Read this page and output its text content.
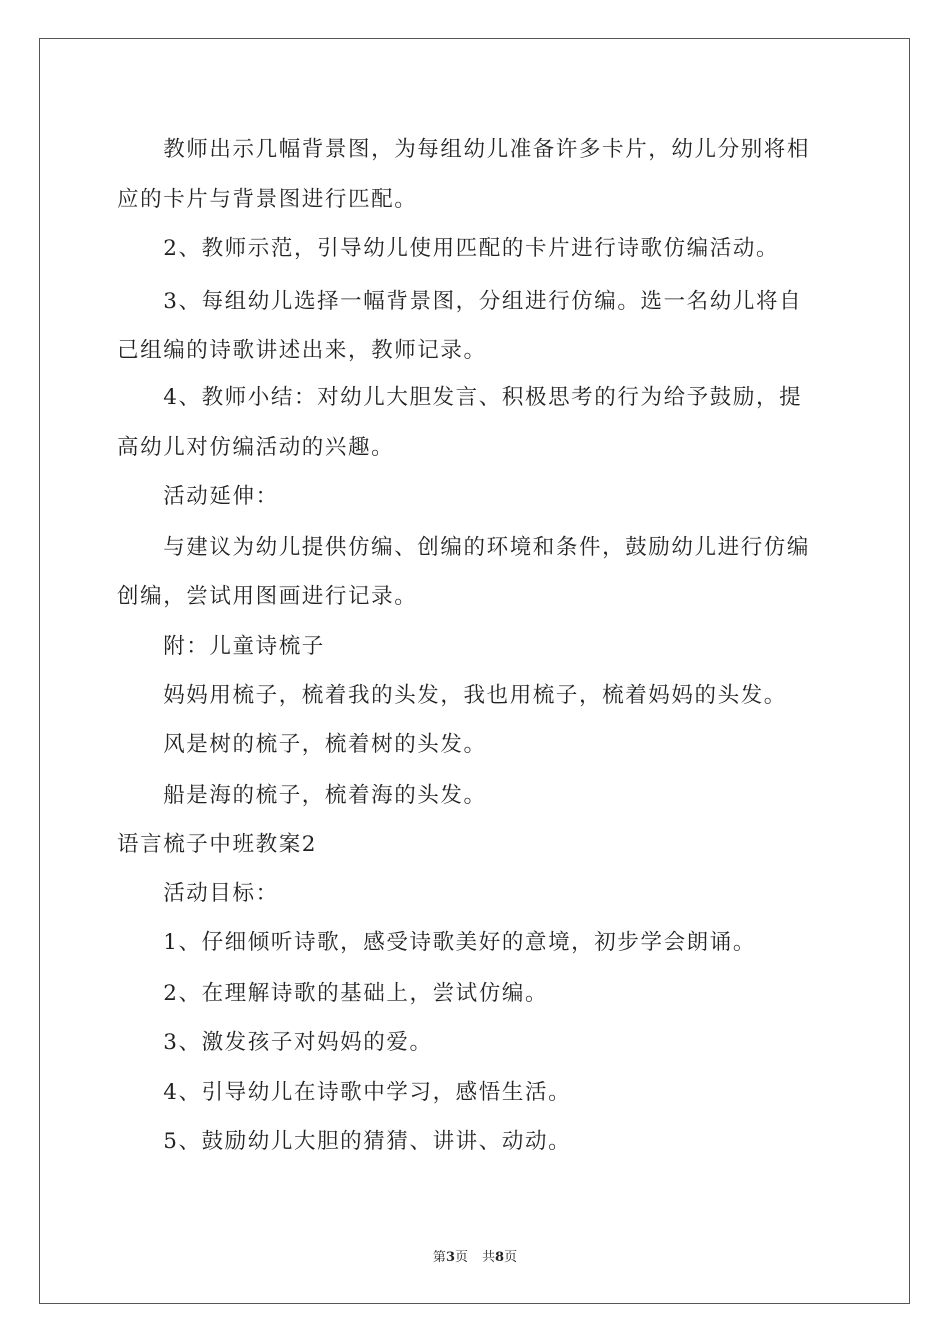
　　教师出示几幅背景图，为每组幼儿准备许多卡片，幼儿分别将相
应的卡片与背景图进行匹配。
　　2、教师示范，引导幼儿使用匹配的卡片进行诗歌仿编活动。
　　3、每组幼儿选择一幅背景图，分组进行仿编。选一名幼儿将自
己组编的诗歌讲述出来，教师记录。
　　4、教师小结：对幼儿大胆发言、积极思考的行为给予鼓励，提
高幼儿对仿编活动的兴趣。
　　活动延伸：
　　与建议为幼儿提供仿编、创编的环境和条件，鼓励幼儿进行仿编
创编，尝试用图画进行记录。
　　附：儿童诗梳子
　　妈妈用梳子，梳着我的头发，我也用梳子，梳着妈妈的头发。
　　风是树的梳子，梳着树的头发。
　　船是海的梳子，梳着海的头发。
语言梳子中班教案2
　　活动目标：
　　1、仔细倾听诗歌，感受诗歌美好的意境，初步学会朗诵。
　　2、在理解诗歌的基础上，尝试仿编。
　　3、激发孩子对妈妈的爱。
　　4、引导幼儿在诗歌中学习，感悟生活。
　　5、鼓励幼儿大胆的猜猜、讲讲、动动。
第3页 共8页
